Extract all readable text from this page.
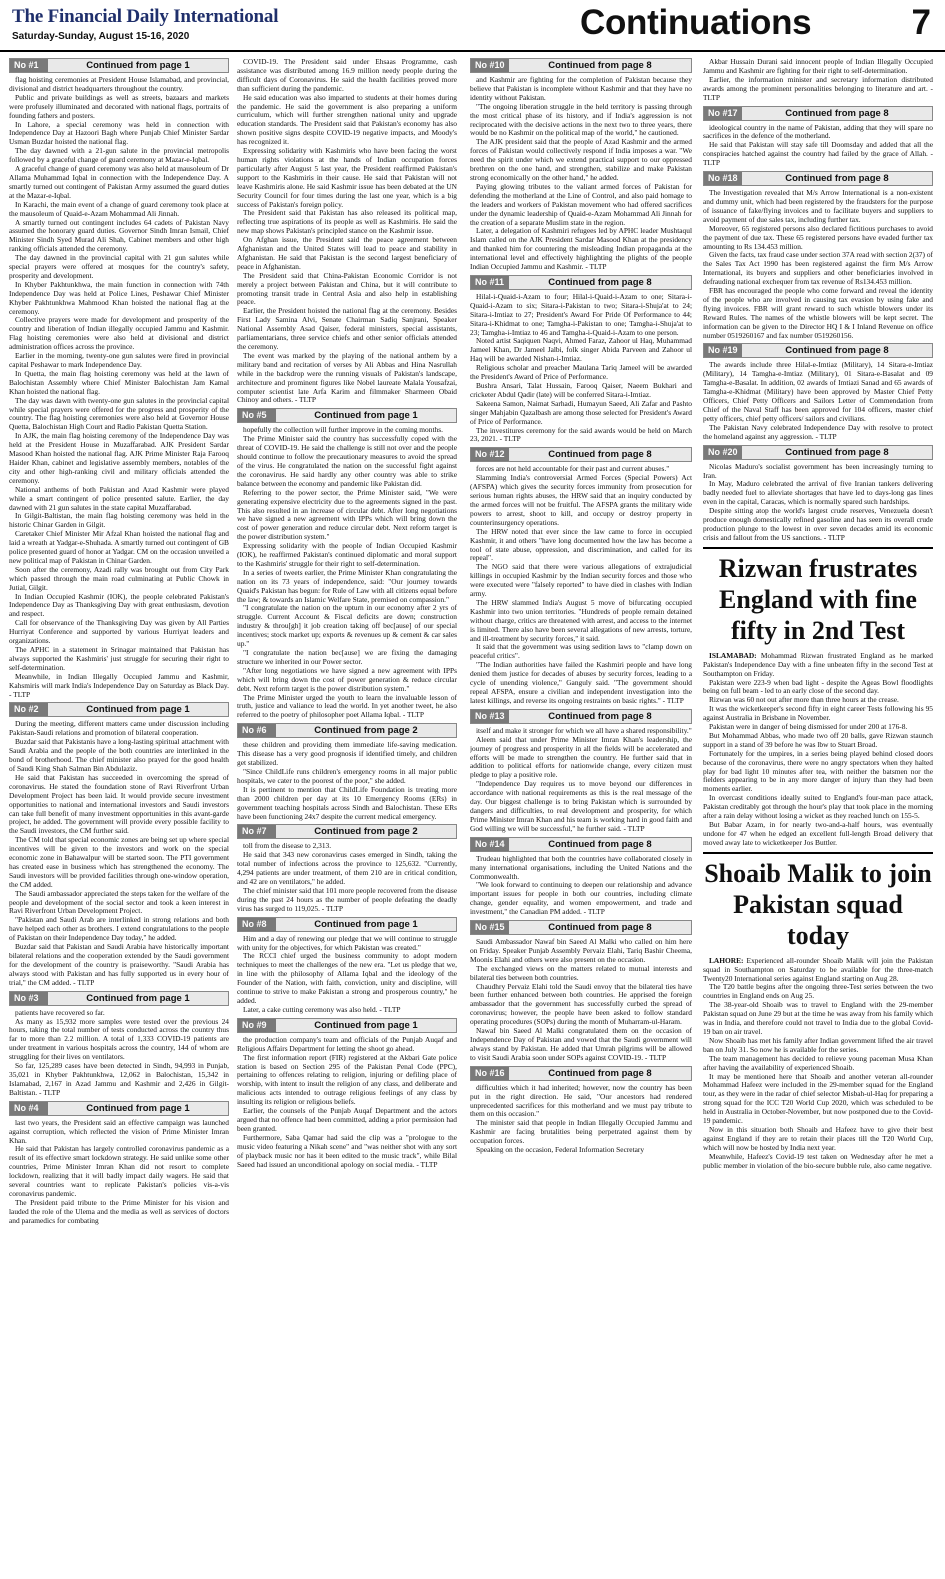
The Financial Daily International
Saturday-Sunday, August 15-16, 2020	Continuations	7
No #1	Continued from page 1

flag hoisting ceremonies at President House Islamabad, and provincial, divisional and district headquarters throughout the country.

Public and private buildings as well as streets, bazaars and markets were profusely illuminated and decorated with national flags, portraits of founding fathers and posters.

In Lahore, a special ceremony was held in connection with Independence Day at Hazoori Bagh where Punjab Chief Minister Sardar Usman Buzdar hoisted the national flag.

The day dawned with a 21-gun salute in the provincial metropolis followed by a graceful change of guard ceremony at Mazar-e-Iqbal.

A graceful change of guard ceremony was also held at mausoleum of Dr Allama Muhammad Iqbal in connection with the Independence Day. A smartly turned out contingent of Pakistan Army assumed the guard duties at the Mazar-e-Iqbal.

In Karachi, the main event of a change of guard ceremony took place at the mausoleum of Quaid-e-Azam Mohammad Ali Jinnah.

A smartly turned out contingent includes 64 cadets of Pakistan Navy assumed the honorary guard duties. Governor Sindh Imran Ismail, Chief Minister Sindh Syed Murad Ali Shah, Cabinet members and other high ranking officials attended the ceremony.

The day dawned in the provincial capital with 21 gun salutes while special prayers were offered at mosques for the country's safety, prosperity and development.

In Khyber Pakhtunkhwa, the main function in connection with 74th Independence Day was held at Police Lines, Peshawar Chief Minister Khyber Pakhtunkhwa Mahmood Khan hoisted the national flag at the ceremony.

Collective prayers were made for development and prosperity of the country and liberation of Indian illegally occupied Jammu and Kashmir. Flag hoisting ceremonies were also held at divisional and district administration offices across the province.

Earlier in the morning, twenty-one gun salutes were fired in provincial capital Peshawar to mark Independence Day.

In Quetta, the main flag hoisting ceremony was held at the lawn of Balochistan Assembly where Chief Minister Balochistan Jam Kamal Khan hoisted the national flag.

The day was dawn with twenty-one gun salutes in the provincial capital while special prayers were offered for the progress and prosperity of the country. The flag hoisting ceremonies were also held at Governor House Quetta, Balochistan High Court and Radio Pakistan Quetta Station.

In AJK, the main flag hoisting ceremony of the Independence Day was held at the President House in Muzaffarabad. AJK President Sardar Masood Khan hoisted the national flag. AJK Prime Minister Raja Farooq Haider Khan, cabinet and legislative assembly members, notables of the city and other high-ranking civil and military officials attended the ceremony.

National anthems of both Pakistan and Azad Kashmir were played while a smart contingent of police presented salute. Earlier, the day dawned with 21 gun salutes in the state capital Muzaffarabad.

In Gilgit-Baltistan, the main flag hoisting ceremony was held in the historic Chinar Garden in Gilgit.

Caretaker Chief Minister Mir Afzal Khan hoisted the national flag and laid a wreath at Yadgar-e-Shuhada. A smartly turned out contingent of GB police presented guard of honor at Yadgar. CM on the occasion unveiled a new political map of Pakistan in Chinar Garden.

Soon after the ceremony, Azadi rally was brought out from City Park which passed through the main road culminating at Public Chowk in Jutial, Gilgit.

In Indian Occupied Kashmir (IOK), the people celebrated Pakistan's Independence Day as Thanksgiving Day with great enthusiasm, devotion and respect.

Call for observance of the Thanksgiving Day was given by All Parties Hurriyat Conference and supported by various Hurriyat leaders and organizations.

The APHC in a statement in Srinagar maintained that Pakistan has always supported the Kashmiris' just struggle for securing their right to self-determination.

Meanwhile, in Indian Illegally Occupied Jammu and Kashmir, Kahsmiris will mark India's Independence Day on Saturday as Black Day. - TLTP

No #2	Continued from page 1

During the meeting, different matters came under discussion including Pakistan-Saudi relations and promotion of bilateral cooperation.

Buzdar said that Pakistanis have a long-lasting spiritual attachment with Saudi Arabia and the people of the both countries are interlinked in the bond of brotherhood. The chief minister also prayed for the good health of Saudi King Shah Salman Bin Abdulaziz.

He said that Pakistan has succeeded in overcoming the spread of coronavirus. He stated the foundation stone of Ravi Riverfront Urban Development Project has been laid. It would provide secure investment opportunities to national and international investors and Saudi investors can take full benefit of many investment opportunities in this avant-garde project, he added. The government will provide every possible facility to the Saudi investors, the CM further said.

The CM told that special economic zones are being set up where special incentives will be given to the investors and work on the special economic zone in Bahawalpur will be started soon. The PTI government has created ease in business which has strengthened the economy. The Saudi investors will be provided facilities through one-window operation, the CM added.

The Saudi ambassador appreciated the steps taken for the welfare of the people and development of the social sector and took a keen interest in Ravi Riverfront Urban Development Project.

"Pakistan and Saudi Arab are interlinked in strong relations and both have helped each other as brothers. I extend congratulations to the people of Pakistan on their Independence Day today," he added.

Buzdar said that Pakistan and Saudi Arabia have historically important bilateral relations and the cooperation extended by the Saudi government for the development of the country is praiseworthy. "Saudi Arabia has always stood with Pakistan and has fully supported us in every hour of trial," the CM added. - TLTP

No #3	Continued from page 1

patients have recovered so far.

As many as 15,932 more samples were tested over the previous 24 hours, taking the total number of tests conducted across the country thus far to more than 2.2 million. A total of 1,333 COVID-19 patients are under treatment in various hospitals across the country, 144 of whom are struggling for their lives on ventilators.

So far, 125,289 cases have been detected in Sindh, 94,993 in Punjab, 35,021 in Khyber Pakhtunkhwa, 12,062 in Balochistan, 15,342 in Islamabad, 2,167 in Azad Jammu and Kashmir and 2,426 in Gilgit-Baltistan. - TLTP

No #4	Continued from page 1

last two years, the President said an effective campaign was launched against corruption, which reflected the vision of Prime Minister Imran Khan.

He said that Pakistan has largely controlled coronavirus pandemic as a result of its effective smart lockdown strategy. He said unlike some other countries, Prime Minister Imran Khan did not resort to complete lockdown, realizing that it will badly impact daily wagers. He said that several countries want to replicate Pakistan's policies vis-a-vis coronavirus pandemic.

The President paid tribute to the Prime Minister for his vision and lauded the role of the Ulema and the media as well as services of doctors and paramedics for combating

COVID-19. The President said under Ehsaas Programme, cash assistance was distributed among 16.9 million needy people during the difficult days of Coronavirus. He said the health facilities proved more than sufficient during the pandemic.

He said education was also imparted to students at their homes during the pandemic. He said the government is also preparing a uniform curriculum, which will further strengthen national unity and upgrade education standards. The President said that Pakistan's economy has also shown positive signs despite COVID-19 negative impacts, and Moody's has recognized it.

Expressing solidarity with Kashmiris who have been facing the worst human rights violations at the hands of Indian occupation forces particularly after August 5 last year, the President reaffirmed Pakistan's support to the Kashmiris in their cause. He said that Pakistan will not leave Kashmiris alone. He said Kashmir issue has been debated at the UN Security Council for four times during the last one year, which is a big success of Pakistan's foreign policy.

The President said that Pakistan has also released its political map, reflecting true aspirations of its people as well as Kashmiris. He said the new map shows Pakistan's principled stance on the Kashmir issue.

On Afghan issue, the President said the peace agreement between Afghanistan and the United States will lead to peace and stability in Afghanistan. He said that Pakistan is the second largest beneficiary of peace in Afghanistan.

The President said that China-Pakistan Economic Corridor is not merely a project between Pakistan and China, but it will contribute to promoting transit trade in Central Asia and also help in establishing peace.

Earlier, the President hoisted the national flag at the ceremony. Besides First Lady Samina Alvi, Senate Chairman Sadiq Sanjrani, Speaker National Assembly Asad Qaiser, federal ministers, special assistants, parliamentarians, three service chiefs and other senior officials attended the ceremony.

The event was marked by the playing of the national anthem by a military band and recitation of verses by Ali Abbas and Hina Nasrullah while in the backdrop were the running visuals of Pakistan's landscape, architecture and prominent figures like Nobel laureate Malala Yousafzai, computer scientist late Arfa Karim and filmmaker Sharmeen Obaid Chinoy and others. - TLTP

No #5	Continued from page 1

hopefully the collection will further improve in the coming months.

The Prime Minister said the country has successfully coped with the threat of COVID-19. He said the challenge is still not over and the people should continue to follow the precautionary measures to avoid the spread of the virus. He congratulated the nation on the successful fight against the coronavirus. He said hardly any other country was able to strike balance between the economy and pandemic like Pakistan did.

Referring to the power sector, the Prime Minister said, "We were generating expensive electricity due to the agreements signed in the past. This also resulted in an increase of circular debt. After long negotiations we have signed a new agreement with IPPs which will bring down the cost of power generation and reduce circular debt. Next reform target is the power distribution system."

Expressing solidarity with the people of Indian Occupied Kashmir (IOK), he reaffirmed Pakistan's continued diplomatic and moral support to the Kashmiris' struggle for their right to self-determination.

In a series of tweets earlier, the Prime Minister Khan congratulating the nation on its 73 years of independence, said: "Our journey towards Quaid's Pakistan has begun: for Rule of Law with all citizens equal before the law; & towards an Islamic Welfare State, premised on compassion."

"I congratulate the nation on the upturn in our economy after 2 yrs of struggle. Current Account & Fiscal deficits are down; construction industry & throu[gh] it job creation taking off bec[ause] of our special incentives; stock market up; exports & revenues up & cement & car sales up."

"I congratulate the nation bec[ause] we are fixing the damaging structure we inherited in our Power sector.

"After long negotiations we have signed a new agreement with IPPs which will bring down the cost of power generation & reduce circular debt. Next reform target is the power distribution system."

The Prime Minister urged the youth to learn the invaluable lesson of truth, justice and valiance to lead the world. In yet another tweet, he also referred to the poetry of philosopher poet Allama Iqbal. - TLTP

No #6	Continued from page 2

these children and providing them immediate life-saving medication. This disease has a very good prognosis if identified timely, and children get stabilized.

"Since ChildLife runs children's emergency rooms in all major public hospitals, we cater to the poorest of the poor," she added.

It is pertinent to mention that ChildLife Foundation is treating more than 2000 children per day at its 10 Emergency Rooms (ERs) in government teaching hospitals across Sindh and Balochistan. These ERs have been functioning 24x7 despite the current medical emergency.

No #7	Continued from page 2

toll from the disease to 2,313.

He said that 343 new coronavirus cases emerged in Sindh, taking the total number of infections across the province to 125,632. "Currently, 4,294 patients are under treatment, of them 210 are in critical condition, and 42 are on ventilators," he added.

The chief minister said that 101 more people recovered from the disease during the past 24 hours as the number of people defeating the deadly virus has surged to 119,025. - TLTP

No #8	Continued from page 1

Him and a day of renewing our pledge that we will continue to struggle with unity for the objectives, for which Pakistan was created."

The RCCI chief urged the business community to adopt modern techniques to meet the challenges of the new era. "Let us pledge that we, in line with the philosophy of Allama Iqbal and the ideology of the Founder of the Nation, with faith, conviction, unity and discipline, will continue to strive to make Pakistan a strong and prosperous country," he added.

Later, a cake cutting ceremony was also held. - TLTP

No #9	Continued from page 1

the production company's team and officials of the Punjab Auqaf and Religious Affairs Department for letting the shoot go ahead.

The first information report (FIR) registered at the Akbari Gate police station is based on Section 295 of the Pakistan Penal Code (PPC), pertaining to offences relating to religion, injuring or defiling place of worship, with intent to insult the religion of any class, and deliberate and malicious acts intended to outrage religious feelings of any class by insulting its religion or religious beliefs.

Earlier, the counsels of the Punjab Auqaf Department and the actors argued that no offence had been committed, adding a prior permission had been granted.

Furthermore, Saba Qamar had said the clip was a "prologue to the music video featuring a Nikah scene" and "was neither shot with any sort of playback music nor has it been edited to the music track", while Bilal Saeed had issued an unconditional apology on social media. - TLTP

No #10	Continued from page 8

and Kashmir are fighting for the completion of Pakistan because they believe that Pakistan is incomplete without Kashmir and that they have no identity without Pakistan.

"The ongoing liberation struggle in the held territory is passing through the most critical phase of its history, and if India's aggression is not reciprocated with the decisive actions in the next two to three years, there would be no Kashmir on the political map of the world," he cautioned.

The AJK president said that the people of Azad Kashmir and the armed forces of Pakistan would collectively respond if India imposes a war. "We need the spirit under which we extend practical support to our oppressed brethren on the one hand, and strengthen, stabilize and make Pakistan strong economically on the other hand," he added.

Paying glowing tributes to the valiant armed forces of Pakistan for defending the motherland at the Line of Control, and also paid homage to the leaders and workers of Pakistan movement who had offered sacrifices under the dynamic leadership of Quaid-e-Azam Mohammad Ali Jinnah for the creation of a separate Muslim state in the region.

Later, a delegation of Kashmiri refugees led by APHC leader Mushtaqul Islam called on the AJK President Sardar Masood Khan at the presidency and thanked him for countering the misleading Indian propaganda at the international level and effectively highlighting the plights of the people Indian Occupied Jammu and Kashmir. - TLTP

No #11	Continued from page 8

Hilal-i-Quaid-i-Azam to four; Hilal-i-Quaid-i-Azam to one; Sitara-i-Quaid-i-Azam to six; Sitara-i-Pakistan to two; Sitara-i-Shuja'at to 24; Sitara-i-Imtiaz to 27; President's Award For Pride Of Performance to 44; Sitara-i-Khidmat to one; Tamgha-i-Pakistan to one; Tamgha-i-Shuja'at to 23; Tamgha-i-Imtiaz to 46 and Tamgha-i-Quaid-i-Azam to one person.

Noted artist Saqiquen Naqvi, Ahmed Faraz, Zahoor ul Haq, Muhammad Jameel Khan, Dr Jameel Jalbi, folk singer Abida Parveen and Zahoor ul Haq will be awarded Nishan-i-Imtiaz.

Religious scholar and preacher Maulana Tariq Jameel will be awarded the President's Award of Price of Performance.

Bushra Ansari, Talat Hussain, Farooq Qaiser, Naeem Bukhari and cricketer Abdul Qadir (late) will be conferred Sitara-i-Imtiaz.

Sakeena Samon, Naimat Sarhadi, Humayun Saeed, Ali Zafar and Pashto singer Mahjabin Qazalbash are among those selected for President's Award of Price of Performance.

The investitures ceremony for the said awards would be held on March 23, 2021. - TLTP

No #12	Continued from page 8

forces are not held accountable for their past and current abuses."

Slamming India's controversial Armed Forces (Special Powers) Act (AFSPA) which gives the security forces immunity from prosecution for serious human rights abuses, the HRW said that an inquiry conducted by the armed forces will not be fruitful. The AFSPA grants the military wide powers to arrest, shoot to kill, and occupy or destroy property in counterinsurgency operations.

The HRW noted that ever since the law came to force in occupied Kashmir, it and others "have long documented how the law has become a tool of state abuse, oppression, and discrimination, and called for its repeal".

The NGO said that there were various allegations of extrajudicial killings in occupied Kashmir by the Indian security forces and those who were executed were "falsely reported" to have died in clashes with Indian army.

The HRW slammed India's August 5 move of bifurcating occupied Kashmir into two union territories. "Hundreds of people remain detained without charge, critics are threatened with arrest, and access to the internet is limited. There also have been several allegations of new arrests, torture, and ill-treatment by security forces," it said.

It said that the government was using sedition laws to "clamp down on peaceful critics".

"The Indian authorities have failed the Kashmiri people and have long denied them justice for decades of abuses by security forces, leading to a cycle of unending violence," Ganguly said. "The government should repeal AFSPA, ensure a civilian and independent investigation into the latest killings, and reverse its ongoing restraints on basic rights." - TLTP

No #13	Continued from page 8

itself and make it stronger for which we all have a shared responsibility."

Aleem said that under Prime Minister Imran Khan's leadership, the journey of progress and prosperity in all the fields will be accelerated and efforts will be made to strengthen the country. He further said that in addition to political efforts for nationwide change, every citizen must pledge to play a positive role.

"Independence Day requires us to move beyond our differences in accordance with national requirements as this is the real message of the day. Our biggest challenge is to bring Pakistan which is surrounded by dangers and difficulties, to real development and prosperity, for which Prime Minister Imran Khan and his team is working hard in good faith and God willing we will be successful," he further said. - TLTP

No #14	Continued from page 8

Trudeau highlighted that both the countries have collaborated closely in many international organisations, including the United Nations and the Commonwealth.

"We look forward to continuing to deepen our relationship and advance important issues for people in both our countries, including climate change, gender equality, and women empowerment, and trade and investment," the Canadian PM added. - TLTP

No #15	Continued from page 8

Saudi Ambassador Nawaf bin Saeed Al Malki who called on him here on Friday. Speaker Punjab Assembly Pervaiz Elahi, Tariq Bashir Cheema, Moonis Elahi and others were also present on the occasion.

The exchanged views on the matters related to mutual interests and bilateral ties between both countries.

Chaudhry Pervaiz Elahi told the Saudi envoy that the bilateral ties have been further enhanced between both countries. He apprised the foreign ambassador that the government has successfully curbed the spread of coronavirus; however, the people have been asked to follow standard operating procedures (SOPs) during the month of Muharram-ul-Haram.

Nawaf bin Saeed Al Malki congratulated them on the occasion of Independence Day of Pakistan and vowed that the Saudi government will always stand by Pakistan. He added that Umrah pilgrims will be allowed to visit Saudi Arabia soon under SOPs against COVID-19. - TLTP

No #16	Continued from page 8

difficulties which it had inherited; however, now the country has been put in the right direction. He said, "Our ancestors had rendered unprecedented sacrifices for this motherland and we must pay tribute to them on this occasion."

The minister said that people in Indian Illegally Occupied Jammu and Kashmir are facing brutalities being perpetrated against them by occupation forces.

Speaking on the occasion, Federal Information Secretary

Akbar Hussain Durani said innocent people of Indian Illegally Occupied Jammu and Kashmir are fighting for their right to self-determination.

Earlier, the information minister and secretary information distributed awards among the prominent personalities belonging to literature and art. - TLTP

No #17	Continued from page 8

ideological country in the name of Pakistan, adding that they will spare no sacrifices in the defence of the motherland.

He said that Pakistan will stay safe till Doomsday and added that all the conspiracies hatched against the country had failed by the grace of Allah. - TLTP

No #18	Continued from page 8

The Investigation revealed that M/s Arrow International is a non-existent and dummy unit, which had been registered by the fraudsters for the purpose of issuance of fake/flying invoices and to facilitate buyers and suppliers to avoid payment of due sales tax, including further tax.

Moreover, 65 registered persons also declared fictitious purchases to avoid the payment of due tax. These 65 registered persons have evaded further tax amounting to Rs 134.453 million.

Given the facts, tax fraud case under section 37A read with section 2(37) of the Sales Tax Act 1990 has been registered against the firm M/s Arrow International, its buyers and suppliers and other beneficiaries involved in defrauding national exchequer from tax revenue of Rs134.453 million.

FBR has encouraged the people who come forward and reveal the identity of the people who are involved in causing tax evasion by using fake and flying invoices. FBR will grant reward to such whistle blowers under its Reward Rules. The names of the whistle blowers will be kept secret. The information can be given to the Director HQ I & I Inland Revenue on office number 0519260167 and fax number 0519260156.

No #19	Continued from page 8

The awards include three Hilal-e-Imtiaz (Military), 14 Sitara-e-Imtiaz (Military), 14 Tamgha-e-Imtiaz (Military), 01 Sitara-e-Basalat and 09 Tamgha-e-Basalat. In addition, 02 awards of Imtiazi Sanad and 65 awards of Tamgha-e-Khidmat (Military) have been approved by Master Chief Petty Officers, Chief Petty Officers and Sailors Letter of Commendation from Chief of the Naval Staff has been approved for 104 officers, master chief petty officers, chief petty officers/ sailors and civilians.

The Pakistan Navy celebrated Independence Day with resolve to protect the homeland against any aggression. - TLTP

No #20	Continued from page 8

Nicolas Maduro's socialist government has been increasingly turning to Iran.

In May, Maduro celebrated the arrival of five Iranian tankers delivering badly needed fuel to alleviate shortages that have led to days-long gas lines even in the capital, Caracas, which is normally spared such hardships.

Despite sitting atop the world's largest crude reserves, Venezuela doesn't produce enough domestically refined gasoline and has seen its overall crude production plunge to the lowest in over seven decades amid its economic crisis and fallout from the US sanctions. - TLTP

Rizwan frustrates England with fine fifty in 2nd Test

ISLAMABAD: Mohammad Rizwan frustrated England as he marked Pakistan's Independence Day with a fine unbeaten fifty in the second Test at Southampton on Friday.

Pakistan were 223-9 when bad light - despite the Ageas Bowl floodlights being on full beam - led to an early close of the second day.

Rizwan was 60 not out after more than three hours at the crease.

It was the wicketkeeper's second fifty in eight career Tests following his 95 against Australia in Brisbane in November.

Pakistan were in danger of being dismissed for under 200 at 176-8.

But Mohammad Abbas, who made two off 20 balls, gave Rizwan staunch support in a stand of 39 before he was lbw to Stuart Broad.

Fortunately for the umpires, in a series being played behind closed doors because of the coronavirus, there were no angry spectators when they halted play for bad light 10 minutes after tea, with neither the batsmen nor the fielders appearing to be in any more danger of injury than they had been moments earlier.

In overcast conditions ideally suited to England's four-man pace attack, Pakistan creditably got through the hour's play that took place in the morning after a rain delay without losing a wicket as they reached lunch on 155-5.

But Babar Azam, in for nearly two-and-a-half hours, was eventually undone for 47 when he edged an excellent full-length Broad delivery that moved away late to wicketkeeper Jos Buttler.

Shoaib Malik to join Pakistan squad today

LAHORE: Experienced all-rounder Shoaib Malik will join the Pakistan squad in Southampton on Saturday to be available for the three-match Twenty20 International series against England starting on Aug 28.

The T20 battle begins after the ongoing three-Test series between the two countries in England ends on Aug 25.

The 38-year-old Shoaib was to travel to England with the 29-member Pakistan squad on June 29 but at the time he was away from his family which was in India, and therefore could not travel to India due to the global Covid-19 ban on air travel.

Now Shoaib has met his family after Indian government lifted the air travel ban on July 31. So now he is available for the series.

The team management has decided to relieve young paceman Musa Khan after having the availability of experienced Shoaib.

It may be mentioned here that Shoaib and another veteran all-rounder Mohammad Hafeez were included in the 29-member squad for the England tour, as they were in the radar of chief selector Misbah-ul-Haq for preparing a strong squad for the ICC T20 World Cup 2020, which was scheduled to be held in Australia in October-November, but now postponed due to the Covid-19 pandemic.

Now in this situation both Shoaib and Hafeez have to give their best against England if they are to retain their places till the T20 World Cup, which will now be hosted by India next year.

Meanwhile, Hafeez's Covid-19 test taken on Wednesday after he met a public member in violation of the bio-secure bubble rule, also came negative.
